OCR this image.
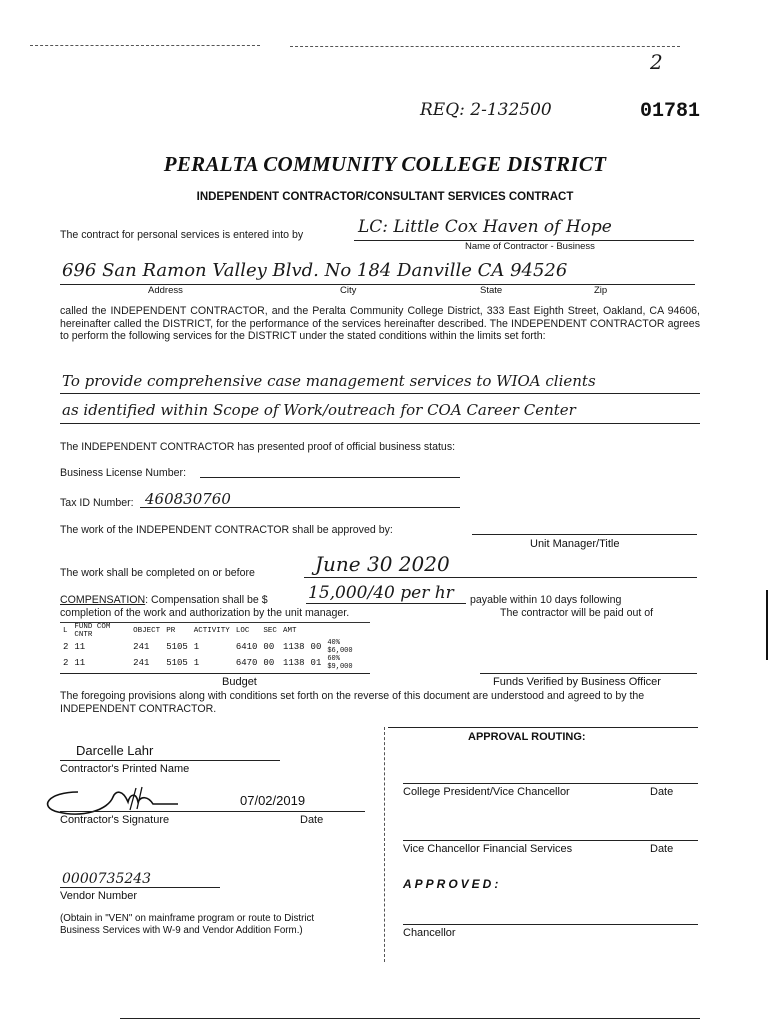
2
REQ: 2-132500	01781
PERALTA COMMUNITY COLLEGE DISTRICT
INDEPENDENT CONTRACTOR/CONSULTANT SERVICES CONTRACT
The contract for personal services is entered into by	LC: Little Cox Haven of Hope
Name of Contractor - Business
696 San Ramon Valley Blvd. No 184 Danville CA 94526
Address	City	State	Zip
called the INDEPENDENT CONTRACTOR, and the Peralta Community College District, 333 East Eighth Street, Oakland, CA 94606, hereinafter called the DISTRICT, for the performance of the services hereinafter described. The INDEPENDENT CONTRACTOR agrees to perform the following services for the DISTRICT under the stated conditions within the limits set forth:
To provide comprehensive case management services to WIOA clients
as identified within Scope of Work/outreach for COA Career Center
The INDEPENDENT CONTRACTOR has presented proof of official business status:
Business License Number:
Tax ID Number: 460830760
The work of the INDEPENDENT CONTRACTOR shall be approved by:
Unit Manager/Title
The work shall be completed on or before	June 30 2020
COMPENSATION: Compensation shall be $ 15,000/40 per hr payable within 10 days following
completion of the work and authorization by the unit manager.	The contractor will be paid out of
L	FUND COM CNTR	OBJECT	PR	ACTIVITY	LOC	SEC	AMT		
2	11	241	5105	1	6410	00	1138	00	40% $6,000
2	11	241	5105	1	6470	00	1138	01	60% $9,000
Budget	Funds Verified by Business Officer
The foregoing provisions along with conditions set forth on the reverse of this document are understood and agreed to by the INDEPENDENT CONTRACTOR.
APPROVAL ROUTING:
Darcelle Lahr
Contractor's Printed Name
07/02/2019
Contractor's Signature	Date
College President/Vice Chancellor	Date
Vice Chancellor Financial Services	Date
0000735243
Vendor Number
APPROVED:
(Obtain in "VEN" on mainframe program or route to District Business Services with W-9 and Vendor Addition Form.)	Chancellor
